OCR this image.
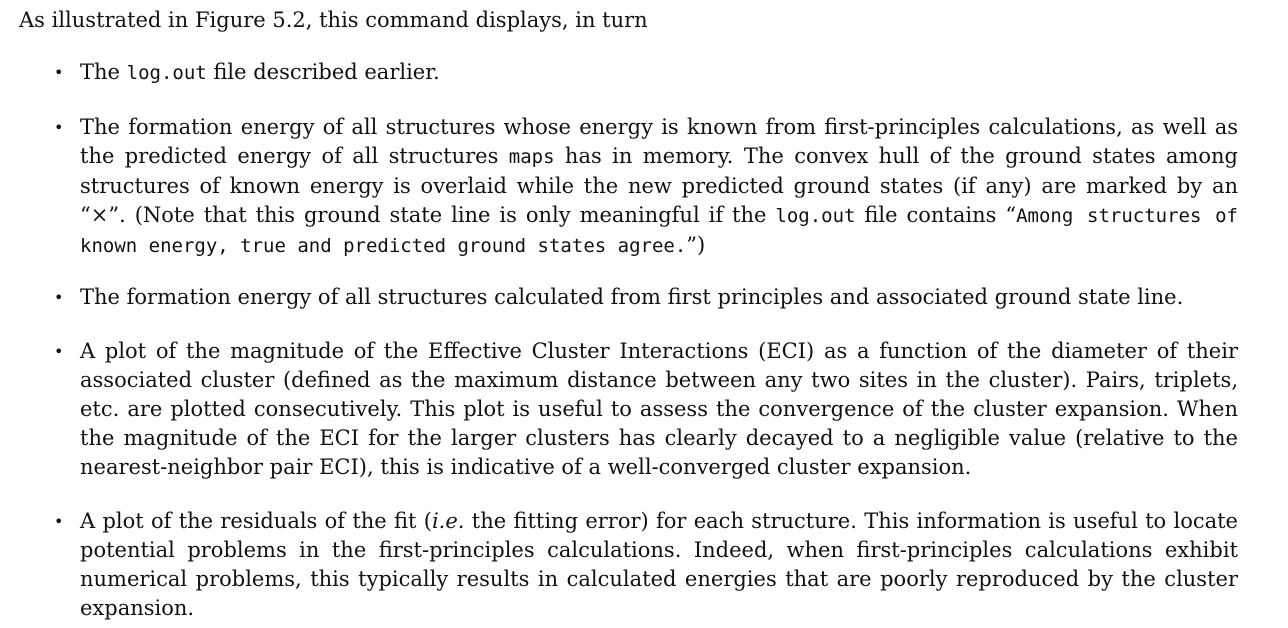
As illustrated in Figure 5.2, this command displays, in turn
• The log.out file described earlier.
• The formation energy of all structures whose energy is known from first-principles calculations, as well as the predicted energy of all structures maps has in memory. The convex hull of the ground states among structures of known energy is overlaid while the new predicted ground states (if any) are marked by an “×”. (Note that this ground state line is only meaningful if the log.out file contains “Among structures of known energy, true and predicted ground states agree.”)
• The formation energy of all structures calculated from first principles and associated ground state line.
• A plot of the magnitude of the Effective Cluster Interactions (ECI) as a function of the diameter of their associated cluster (defined as the maximum distance between any two sites in the cluster). Pairs, triplets, etc. are plotted consecutively. This plot is useful to assess the convergence of the cluster expansion. When the magnitude of the ECI for the larger clusters has clearly decayed to a negligible value (relative to the nearest-neighbor pair ECI), this is indicative of a well-converged cluster expansion.
• A plot of the residuals of the fit (i.e. the fitting error) for each structure. This information is useful to locate potential problems in the first-principles calculations. Indeed, when first-principles calculations exhibit numerical problems, this typically results in calculated energies that are poorly reproduced by the cluster expansion.
